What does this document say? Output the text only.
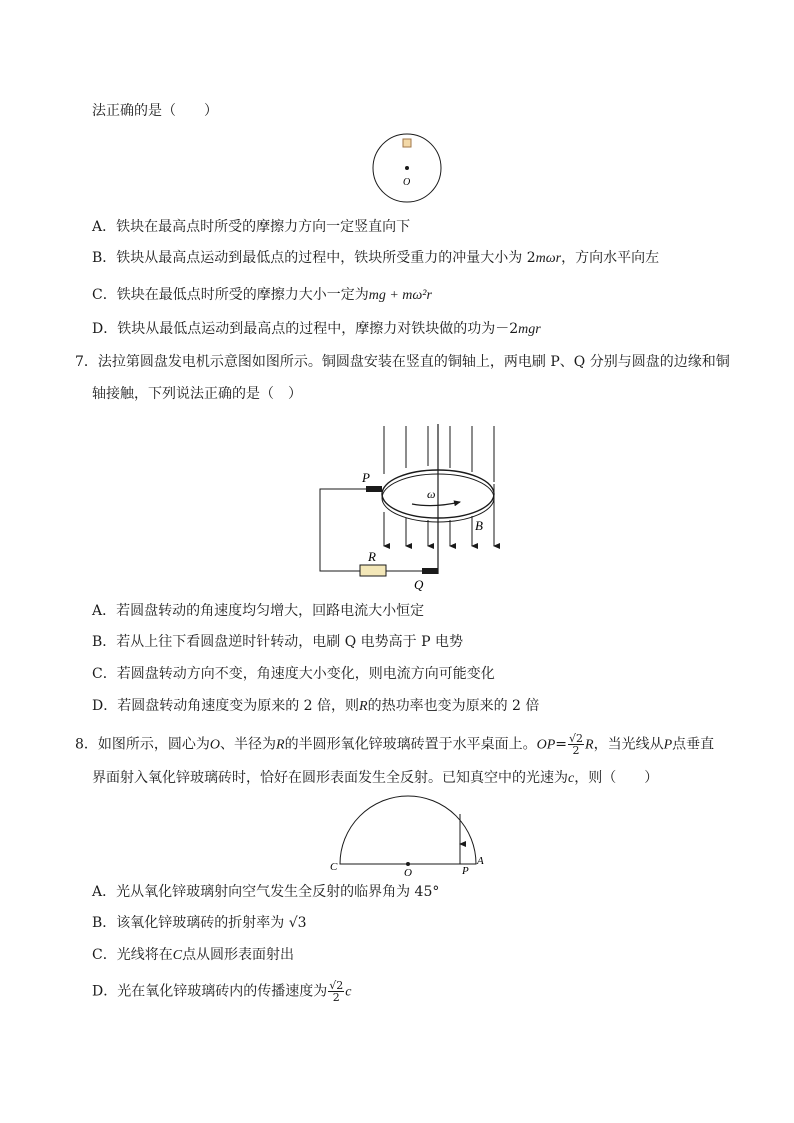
法正确的是（　　）
O
A．铁块在最高点时所受的摩擦力方向一定竖直向下
B．铁块从最高点运动到最低点的过程中，铁块所受重力的冲量大小为 2mωr，方向水平向左
C．铁块在最低点时所受的摩擦力大小一定为mg + mω²r
D．铁块从最低点运动到最高点的过程中，摩擦力对铁块做的功为－2mgr
7．法拉第圆盘发电机示意图如图所示。铜圆盘安装在竖直的铜轴上，两电刷 P、Q 分别与圆盘的边缘和铜
轴接触，下列说法正确的是（　）
ω
P
Q
R
B
A．若圆盘转动的角速度均匀增大，回路电流大小恒定
B．若从上往下看圆盘逆时针转动，电刷 Q 电势高于 P 电势
C．若圆盘转动方向不变，角速度大小变化，则电流方向可能变化
D．若圆盘转动角速度变为原来的 2 倍，则R的热功率也变为原来的 2 倍
8．如图所示，圆心为O、半径为R的半圆形氧化锌玻璃砖置于水平桌面上。$OP= \frac{√2}{2}$ R，当光线从P点垂直
界面射入氧化锌玻璃砖时，恰好在圆形表面发生全反射。已知真空中的光速为c，则（　　）
C	O	P
A
A．光从氧化锌玻璃射向空气发生全反射的临界角为 45°
B．该氧化锌玻璃砖的折射率为 √3
C．光线将在C点从圆形表面射出
D．光在氧化锌玻璃砖内的传播速度为 $\frac{√2}{2}$ c
